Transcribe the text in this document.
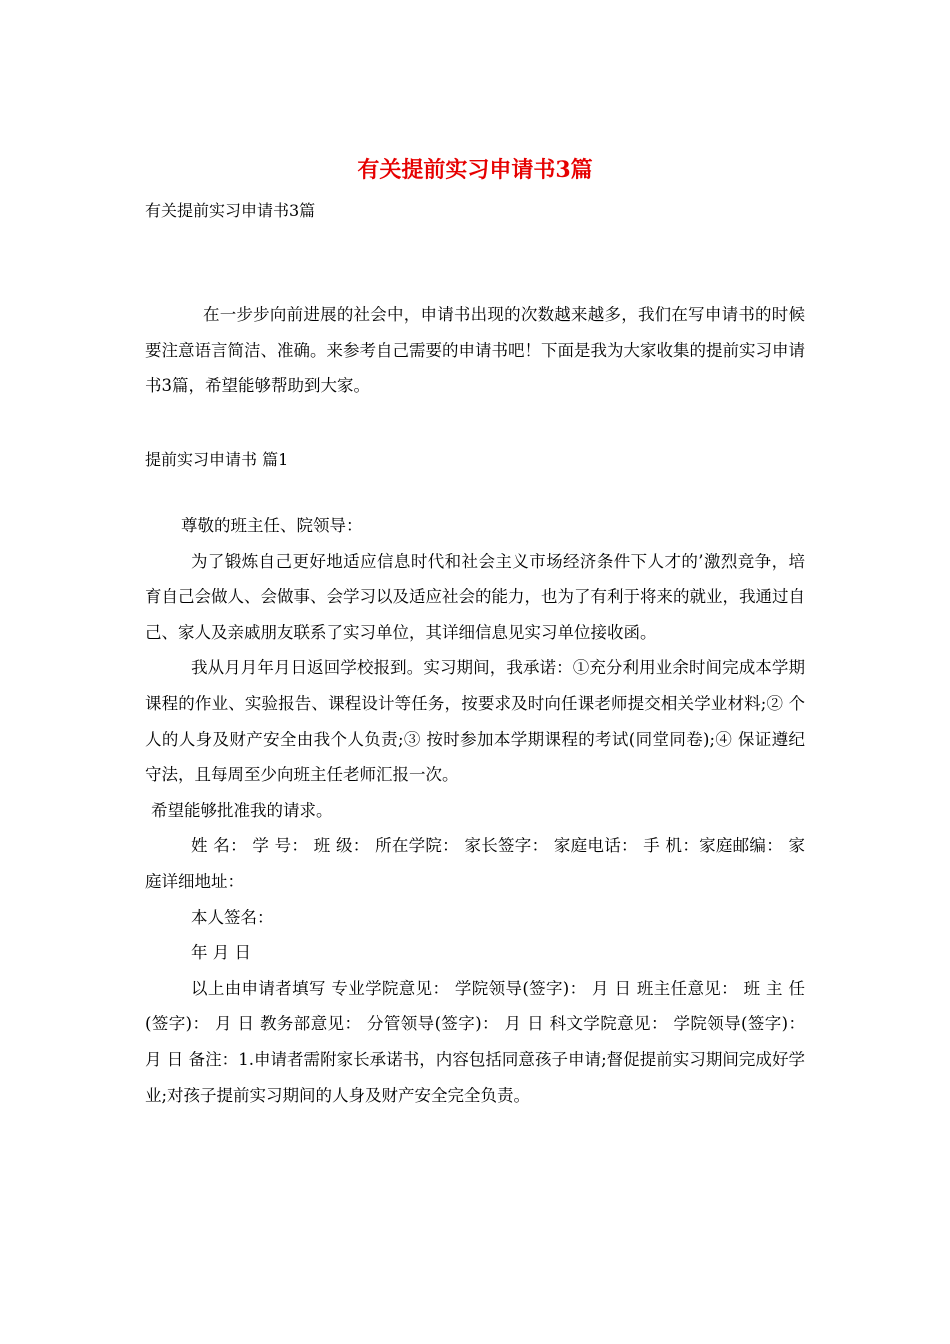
有关提前实习申请书3篇
有关提前实习申请书3篇

在一步步向前进展的社会中，申请书出现的次数越来越多，我们在写申请书的时候要注意语言简洁、准确。来参考自己需要的申请书吧！下面是我为大家收集的提前实习申请书3篇，希望能够帮助到大家。

提前实习申请书 篇1

尊敬的班主任、院领导：

为了锻炼自己更好地适应信息时代和社会主义市场经济条件下人才的’激烈竞争，培育自己会做人、会做事、会学习以及适应社会的能力，也为了有利于将来的就业，我通过自己、家人及亲戚朋友联系了实习单位，其详细信息见实习单位接收函。

我从月月年月日返回学校报到。实习期间，我承诺：①充分利用业余时间完成本学期课程的作业、实验报告、课程设计等任务，按要求及时向任课老师提交相关学业材料;② 个人的人身及财产安全由我个人负责;③ 按时参加本学期课程的考试(同堂同卷);④ 保证遵纪守法，且每周至少向班主任老师汇报一次。

希望能够批准我的请求。

姓 名： 学 号： 班 级： 所在学院： 家长签字： 家庭电话： 手 机：家庭邮编： 家庭详细地址：

本人签名：

年 月 日

以上由申请者填写 专业学院意见： 学院领导(签字)： 月 日 班主任意见： 班 主 任(签字)： 月 日 教务部意见： 分管领导(签字)： 月 日 科文学院意见： 学院领导(签字)： 月 日 备注：1.申请者需附家长承诺书，内容包括同意孩子申请;督促提前实习期间完成好学业;对孩子提前实习期间的人身及财产安全完全负责。
